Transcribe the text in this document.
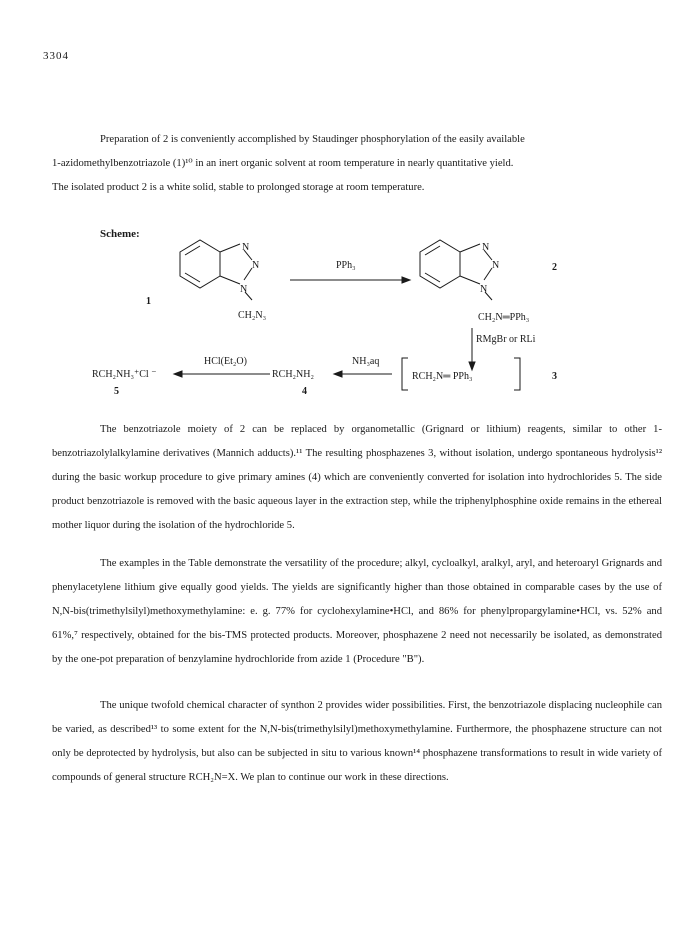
3304
Preparation of 2 is conveniently accomplished by Staudinger phosphorylation of the easily available
1-azidomethylbenzotriazole (1)¹⁰ in an inert organic solvent at room temperature in nearly quantitative yield.
The isolated product 2 is a white solid, stable to prolonged storage at room temperature.
Scheme:
N
N
N
CH₂N₃
1
PPh₃
N
N
N
CH₂N═PPh₃
2
RMgBr or RLi
RCH₂N═ PPh₃	3
NH₃aq
RCH₂NH₂
4
HCl(Et₂O)
RCH₂NH₃⁺Cl ⁻
5
The benzotriazole moiety of 2 can be replaced by organometallic (Grignard or lithium) reagents, similar to other 1-benzotriazolylalkylamine derivatives (Mannich adducts).¹¹ The resulting phosphazenes 3, without isolation, undergo spontaneous hydrolysis¹² during the basic workup procedure to give primary amines (4) which are conveniently converted for isolation into hydrochlorides 5. The side product benzotriazole is removed with the basic aqueous layer in the extraction step, while the triphenylphosphine oxide remains in the ethereal mother liquor during the isolation of the hydrochloride 5.
The examples in the Table demonstrate the versatility of the procedure; alkyl, cycloalkyl, aralkyl, aryl, and heteroaryl Grignards and phenylacetylene lithium give equally good yields. The yields are significantly higher than those obtained in comparable cases by the use of N,N-bis(trimethylsilyl)methoxymethylamine: e. g. 77% for cyclohexylamine•HCl, and 86% for phenylpropargylamine•HCl, vs. 52% and 61%,⁷ respectively, obtained for the bis-TMS protected products. Moreover, phosphazene 2 need not necessarily be isolated, as demonstrated by the one-pot preparation of benzylamine hydrochloride from azide 1 (Procedure "B").
The unique twofold chemical character of synthon 2 provides wider possibilities. First, the benzotriazole displacing nucleophile can be varied, as described¹³ to some extent for the N,N-bis(trimethylsilyl)methoxymethylamine. Furthermore, the phosphazene structure can not only be deprotected by hydrolysis, but also can be subjected in situ to various known¹⁴ phosphazene transformations to result in wide variety of compounds of general structure RCH₂N=X. We plan to continue our work in these directions.
